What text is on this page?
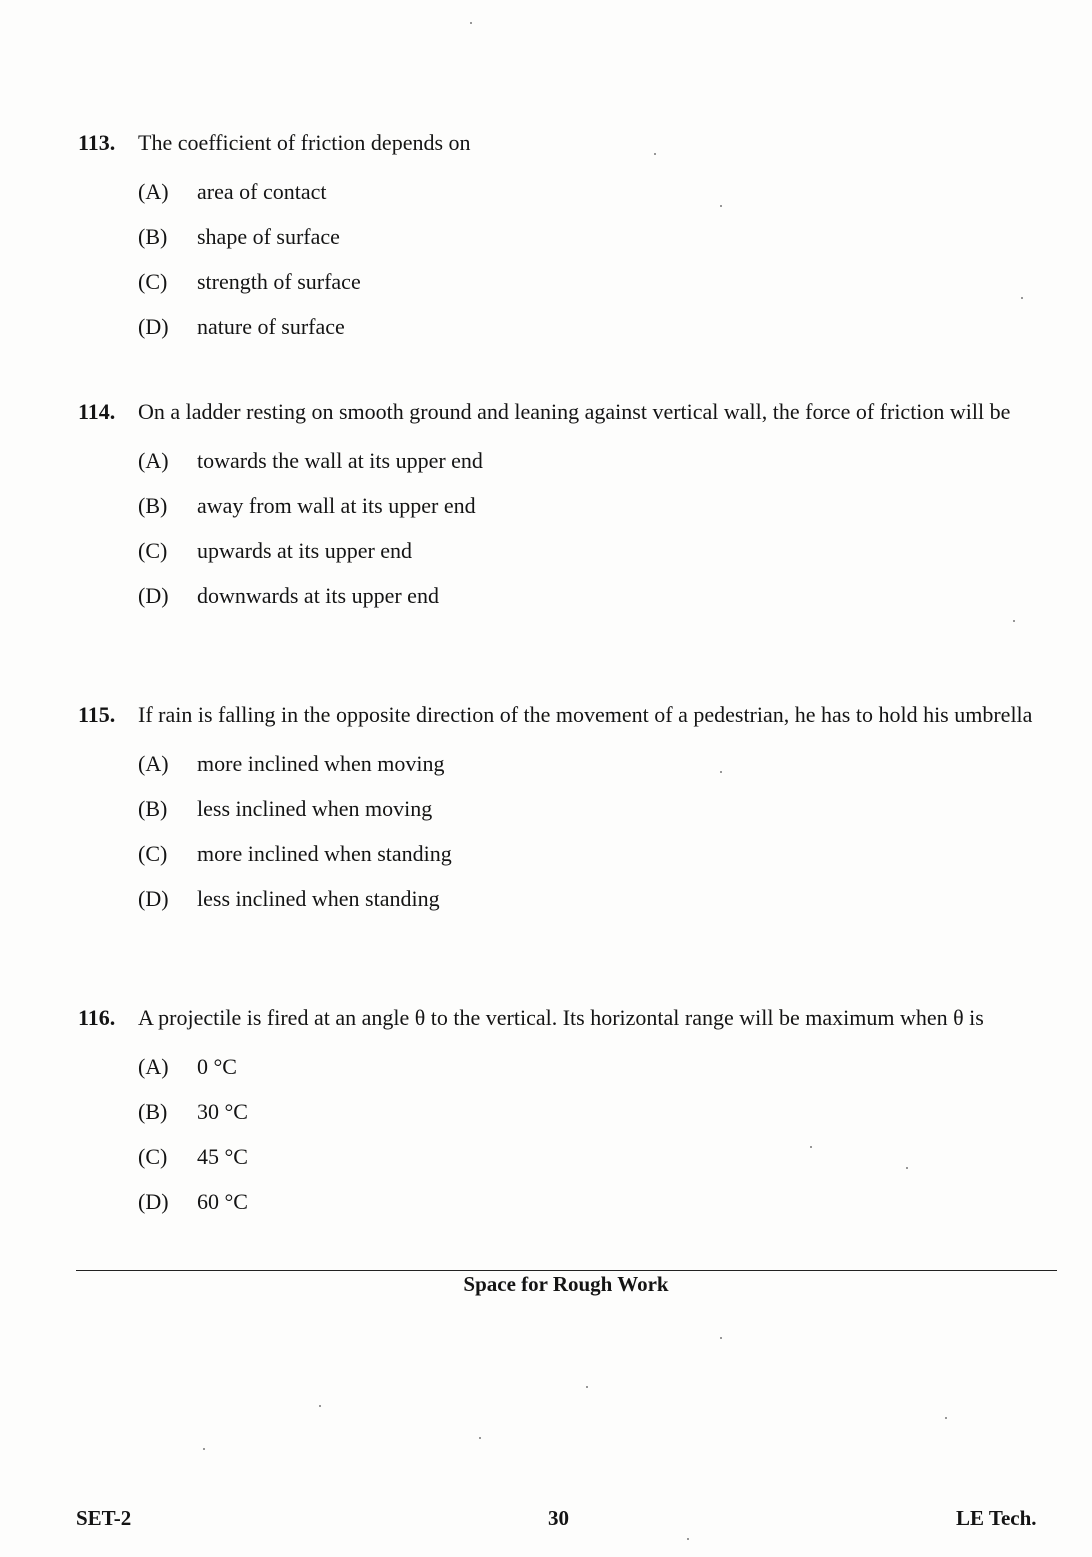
113. The coefficient of friction depends on
(A)	area of contact
(B)	shape of surface
(C)	strength of surface
(D)	nature of surface
114. On a ladder resting on smooth ground and leaning against vertical wall, the force of friction will be
(A)	towards the wall at its upper end
(B)	away from wall at its upper end
(C)	upwards at its upper end
(D)	downwards at its upper end
115. If rain is falling in the opposite direction of the movement of a pedestrian, he has to hold his umbrella
(A)	more inclined when moving
(B)	less inclined when moving
(C)	more inclined when standing
(D)	less inclined when standing
116. A projectile is fired at an angle θ to the vertical. Its horizontal range will be maximum when θ is
(A)	0 °C
(B)	30 °C
(C)	45 °C
(D)	60 °C
Space for Rough Work
SET-2	30	LE Tech.
